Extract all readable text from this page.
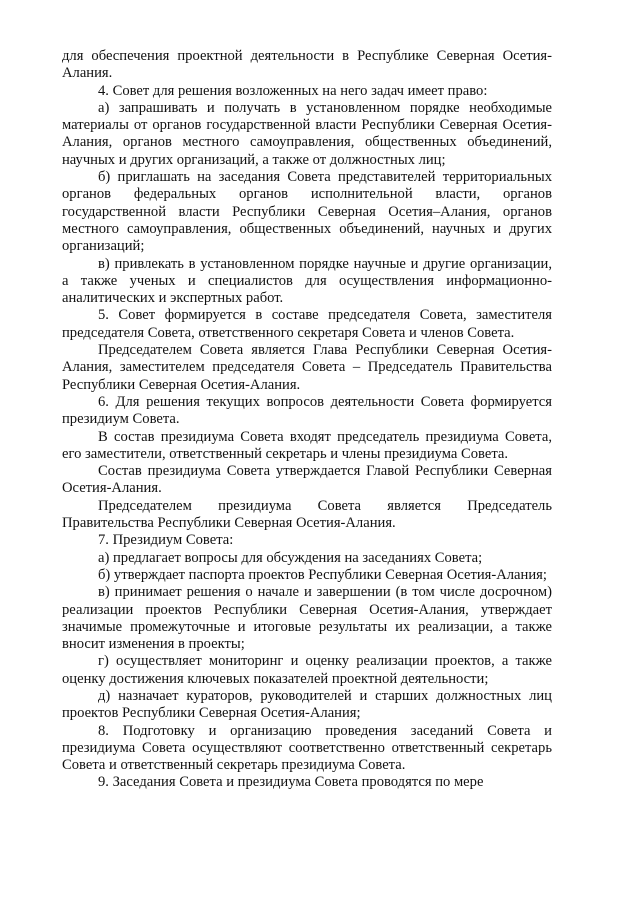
для обеспечения проектной деятельности в Республике Северная Осетия-Алания.

4. Совет для решения возложенных на него задач имеет право:

а) запрашивать и получать в установленном порядке необходимые материалы от органов государственной власти Республики Северная Осетия-Алания, органов местного самоуправления, общественных объединений, научных и других организаций, а также от должностных лиц;

б) приглашать на заседания Совета представителей территориальных органов федеральных органов исполнительной власти, органов государственной власти Республики Северная Осетия–Алания, органов местного самоуправления, общественных объединений, научных и других организаций;

в) привлекать в установленном порядке научные и другие организации, а также ученых и специалистов для осуществления информационно-аналитических и экспертных работ.

5. Совет формируется в составе председателя Совета, заместителя председателя Совета, ответственного секретаря Совета и членов Совета.

Председателем Совета является Глава Республики Северная Осетия-Алания, заместителем председателя Совета – Председатель Правительства Республики Северная Осетия-Алания.

6. Для решения текущих вопросов деятельности Совета формируется президиум Совета.

В состав президиума Совета входят председатель президиума Совета, его заместители, ответственный секретарь и члены президиума Совета.

Состав президиума Совета утверждается Главой Республики Северная Осетия-Алания.

Председателем президиума Совета является Председатель Правительства Республики Северная Осетия-Алания.

7. Президиум Совета:

а) предлагает вопросы для обсуждения на заседаниях Совета;

б) утверждает паспорта проектов Республики Северная Осетия-Алания;

в) принимает решения о начале и завершении (в том числе досрочном) реализации проектов Республики Северная Осетия-Алания, утверждает значимые промежуточные и итоговые результаты их реализации, а также вносит изменения в проекты;

г) осуществляет мониторинг и оценку реализации проектов, а также оценку достижения ключевых показателей проектной деятельности;

д) назначает кураторов, руководителей и старших должностных лиц проектов Республики Северная Осетия-Алания;

8. Подготовку и организацию проведения заседаний Совета и президиума Совета осуществляют соответственно ответственный секретарь Совета и ответственный секретарь президиума Совета.

9. Заседания Совета и президиума Совета проводятся по мере
